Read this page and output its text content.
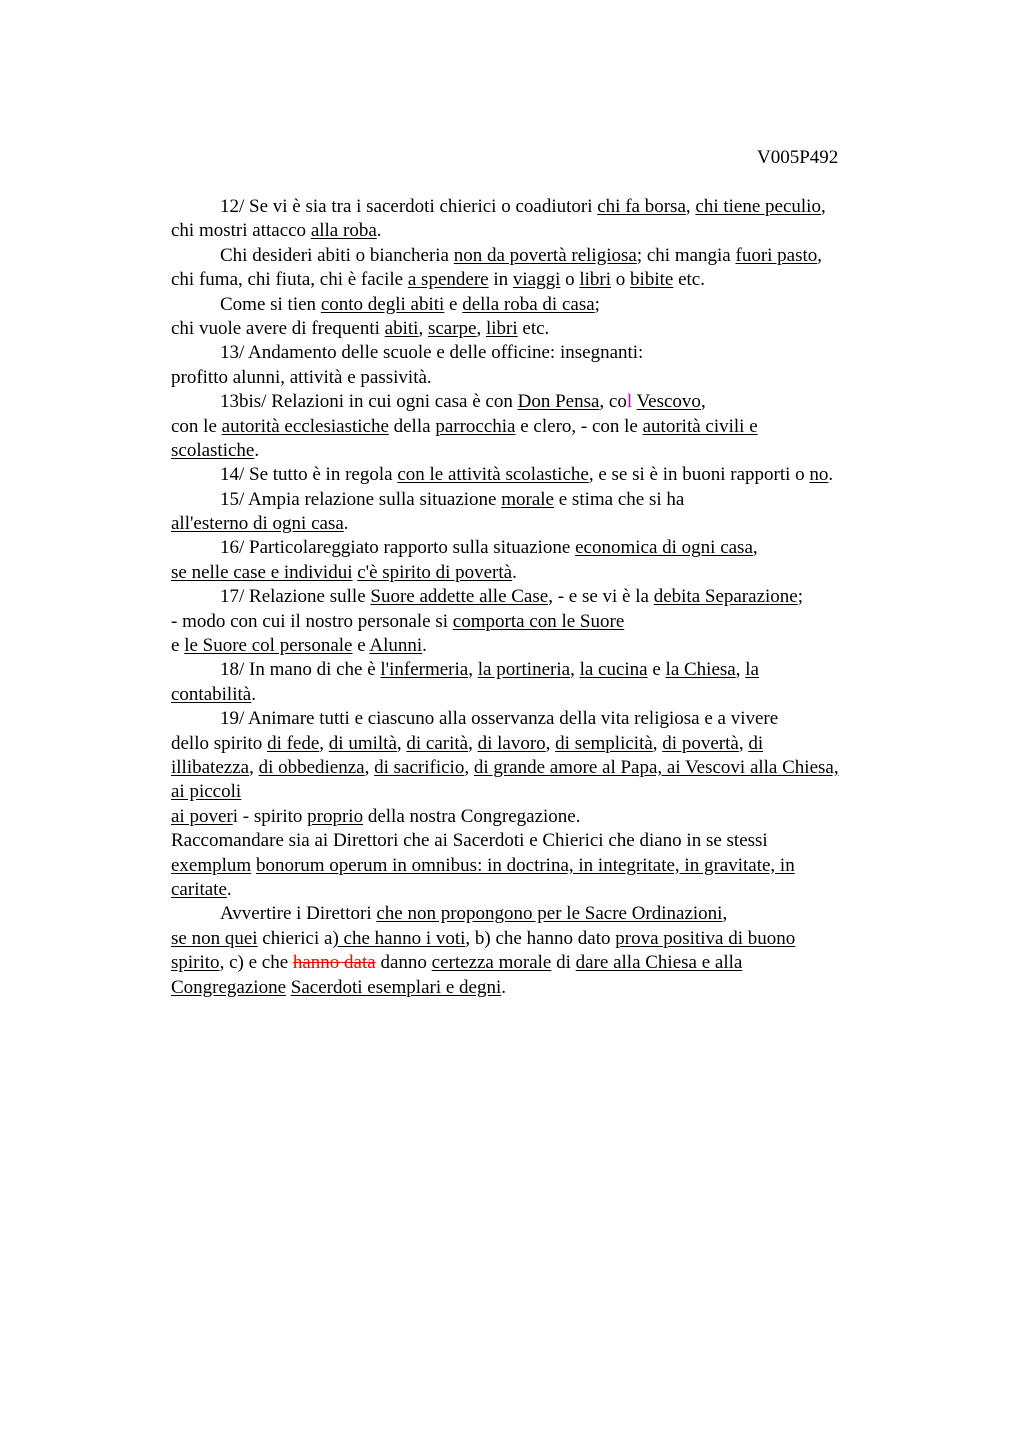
V005P492
12/ Se vi è sia tra i sacerdoti chierici o coadiutori chi fa borsa, chi tiene peculio,
chi mostri attacco alla roba.
Chi desideri abiti o biancheria non da povertà religiosa; chi mangia fuori pasto,
chi fuma, chi fiuta, chi è facile a spendere in viaggi o libri o bibite etc.
Come si tien conto degli abiti e della roba di casa;
chi vuole avere di frequenti abiti, scarpe, libri etc.
13/ Andamento delle scuole e delle officine: insegnanti:
profitto alunni, attività e passività.
13bis/ Relazioni in cui ogni casa è con Don Pensa, col Vescovo,
con le autorità ecclesiastiche della parrocchia e clero, - con le autorità civili e
scolastiche.
14/ Se tutto è in regola con le attività scolastiche, e se si è in buoni rapporti o no.
15/ Ampia relazione sulla situazione morale e stima che si ha
all'esterno di ogni casa.
16/ Particolareggiato rapporto sulla situazione economica di ogni casa,
se nelle case e individui c'è spirito di povertà.
17/ Relazione sulle Suore addette alle Case, - e se vi è la debita Separazione;
- modo con cui il nostro personale si comporta con le Suore
e le Suore col personale e Alunni.
18/ In mano di che è l'infermeria, la portineria, la cucina e la Chiesa, la
contabilità.
19/ Animare tutti e ciascuno alla osservanza della vita religiosa e a vivere
dello spirito di fede, di umiltà, di carità, di lavoro, di semplicità, di povertà, di
illibatezza, di obbedienza, di sacrificio, di grande amore al Papa, ai Vescovi alla Chiesa,
ai piccoli
ai poveri - spirito proprio della nostra Congregazione.
Raccomandare sia ai Direttori che ai Sacerdoti e Chierici che diano in se stessi
exemplum bonorum operum in omnibus: in doctrina, in integritate, in gravitate, in
caritate.
Avvertire i Direttori che non propongono per le Sacre Ordinazioni,
se non quei chierici a) che hanno i voti, b) che hanno dato prova positiva di buono
spirito, c) e che hanno data danno certezza morale di dare alla Chiesa e alla
Congregazione Sacerdoti esemplari e degni.
